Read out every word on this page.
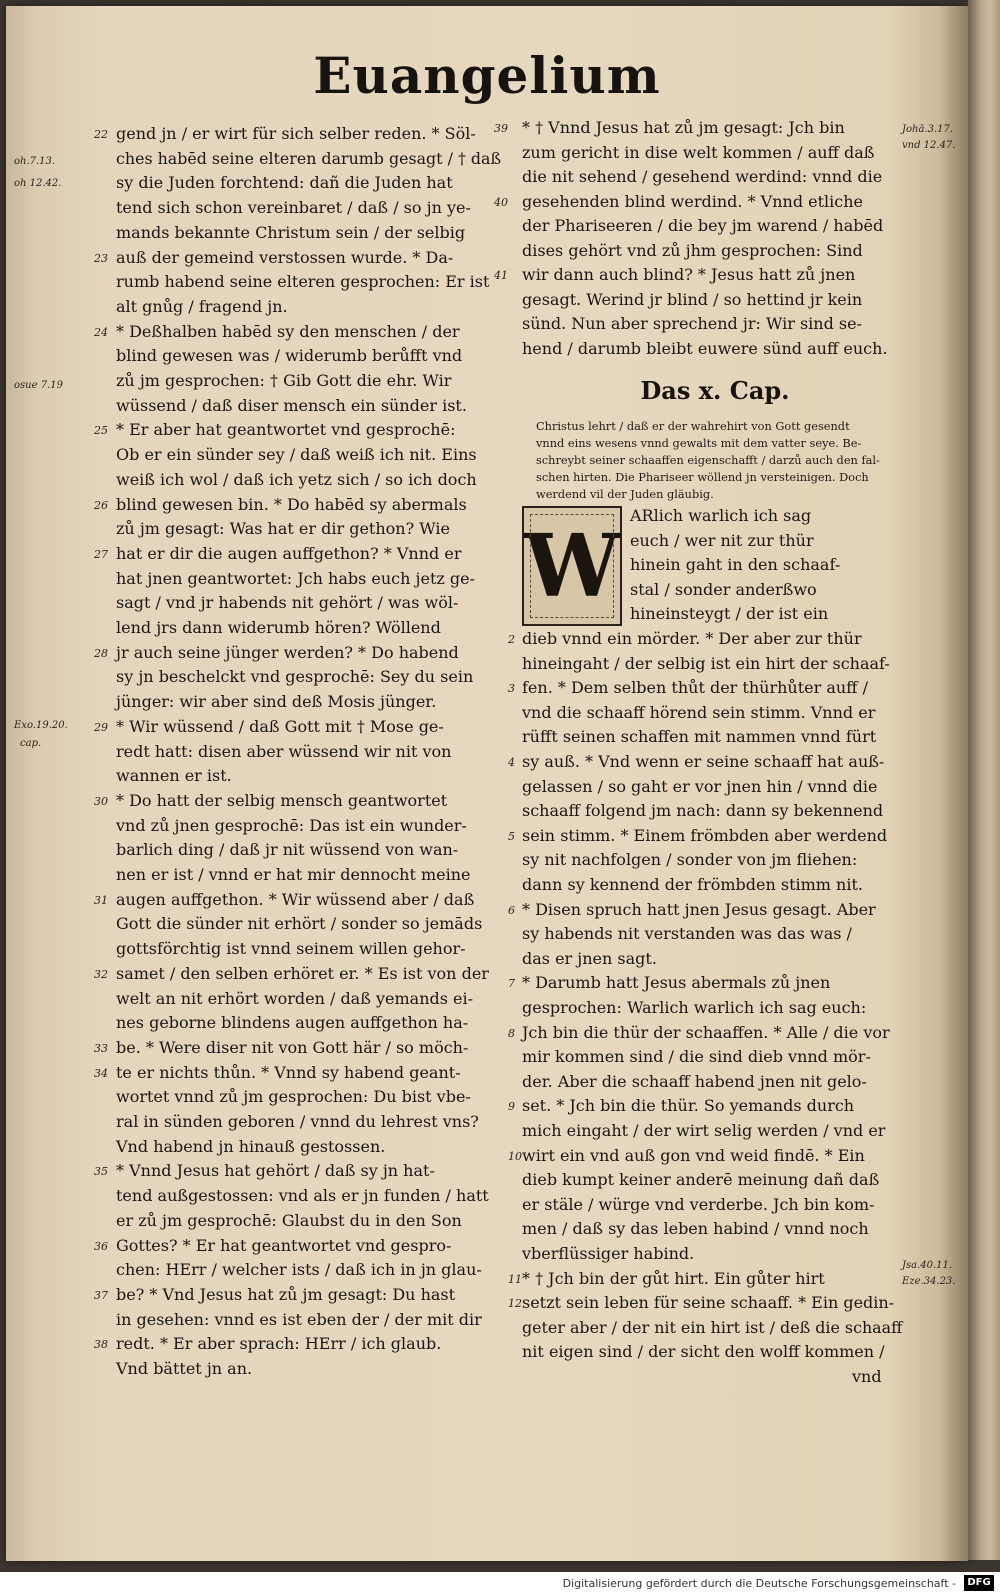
Euangelium
22 gend jn / er wirt für sich selber reden. * Söl-
ches habēd seine elteren darumb gesagt / † daß
sy die Juden forchtend: dañ die Juden hat
tend sich schon vereinbaret / daß / so jn ye-
mands bekannte Christum sein / der selbig
23 auß der gemeind verstossen wurde. * Da-
rumb habend seine elteren gesprochen: Er ist
alt gnůg / fragend jn.
24 * Deßhalben habēd sy den menschen / der
blind gewesen was / widerumb berůfft vnd
zů jm gesprochen: † Gib Gott die ehr. Wir
wüssend / daß diser mensch ein sünder ist.
25 * Er aber hat geantwortet vnd gesprochē:
Ob er ein sünder sey / daß weiß ich nit. Eins
weiß ich wol / daß ich yetz sich / so ich doch
26 blind gewesen bin. * Do habēd sy abermals
zů jm gesagt: Was hat er dir gethon? Wie
27 hat er dir die augen auffgethon? * Vnnd er
hat jnen geantwortet: Jch habs euch jetz ge-
sagt / vnd jr habends nit gehört / was wöl-
lend jrs dann widerumb hören? Wöllend
28 jr auch seine jünger werden? * Do habend
sy jn beschelckt vnd gesprochē: Sey du sein
jünger: wir aber sind deß Mosis jünger.
29 * Wir wüssend / daß Gott mit † Mose ge-
redt hatt: disen aber wüssend wir nit von
wannen er ist.
30 * Do hatt der selbig mensch geantwortet
vnd zů jnen gesprochē: Das ist ein wunder-
barlich ding / daß jr nit wüssend von wan-
nen er ist / vnnd er hat mir dennocht meine
31 augen auffgethon. * Wir wüssend aber / daß
Gott die sünder nit erhört / sonder so jemāds
gottsförchtig ist vnnd seinem willen gehor-
32 samet / den selben erhöret er. * Es ist von der
welt an nit erhört worden / daß yemands ei-
nes geborne blindens augen auffgethon ha-
33 be. * Were diser nit von Gott här / so möch-
34 te er nichts thůn. * Vnnd sy habend geant-
wortet vnnd zů jm gesprochen: Du bist vbe-
ral in sünden geboren / vnnd du lehrest vns?
Vnd habend jn hinauß gestossen.
35 * Vnnd Jesus hat gehört / daß sy jn hat-
tend außgestossen: vnd als er jn funden / hatt
er zů jm gesprochē: Glaubst du in den Son
36 Gottes? * Er hat geantwortet vnd gespro-
chen: HErr / welcher ists / daß ich in jn glau-
37 be? * Vnd Jesus hat zů jm gesagt: Du hast
in gesehen: vnnd es ist eben der / der mit dir
38 redt. * Er aber sprach: HErr / ich glaub.
Vnd bättet jn an.
39 * † Vnnd Jesus hat zů jm gesagt: Jch bin
zum gericht in dise welt kommen / auff daß
die nit sehend / gesehend werdind: vnnd die
40 gesehenden blind werdind. * Vnnd etliche
der Phariseeren / die bey jm warend / habēd
dises gehört vnd zů jhm gesprochen: Sind
41 wir dann auch blind? * Jesus hatt zů jnen
gesagt. Werind jr blind / so hettind jr kein
sünd. Nun aber sprechend jr: Wir sind se-
hend / darumb bleibt euwere sünd auff euch.
Das x. Cap.
Christus lehrt / daß er der wahrehirt von Gott gesendt
vnnd eins wesens vnnd gewalts mit dem vatter seye. Be-
schreybt seiner schaaffen eigenschafft / darzů auch den fal-
schen hirten. Die Phariseer wöllend jn versteinigen. Doch
werdend vil der Juden gläubig.
W ARlich warlich ich sag
euch / wer nit zur thür
hinein gaht in den schaaf-
stal / sonder anderßwo
hineinsteygt / der ist ein
2 dieb vnnd ein mörder. * Der aber zur thür
hineingaht / der selbig ist ein hirt der schaaf-
3 fen. * Dem selben thůt der thürhůter auff /
vnd die schaaff hörend sein stimm. Vnnd er
rüfft seinen schaffen mit nammen vnnd fürt
4 sy auß. * Vnd wenn er seine schaaff hat auß-
gelassen / so gaht er vor jnen hin / vnnd die
schaaff folgend jm nach: dann sy bekennend
5 sein stimm. * Einem frömbden aber werdend
sy nit nachfolgen / sonder von jm fliehen:
dann sy kennend der frömbden stimm nit.
6 * Disen spruch hatt jnen Jesus gesagt. Aber
sy habends nit verstanden was das was /
das er jnen sagt.
7 * Darumb hatt Jesus abermals zů jnen
gesprochen: Warlich warlich ich sag euch:
8 Jch bin die thür der schaaffen. * Alle / die vor
mir kommen sind / die sind dieb vnnd mör-
der. Aber die schaaff habend jnen nit gelo-
9 set. * Jch bin die thür. So yemands durch
mich eingaht / der wirt selig werden / vnd er
10 wirt ein vnd auß gon vnd weid findē. * Ein
dieb kumpt keiner anderē meinung dañ daß
er stäle / würge vnd verderbe. Jch bin kom-
men / daß sy das leben habind / vnnd noch
vberflüssiger habind.
11 * † Jch bin der gůt hirt. Ein gůter hirt
12 setzt sein leben für seine schaaff. * Ein gedin-
geter aber / der nit ein hirt ist / deß die schaaff
nit eigen sind / der sicht den wolff kommen /
vnd
oh.7.13.
oh 12.42.
osue 7.19
Exo.19.20.
cap.
Johā.3.17.
vnd 12.47.
Jsa.40.11.
Eze.34.23.
Digitalisierung gefördert durch die Deutsche Forschungsgemeinschaft -	DFG
